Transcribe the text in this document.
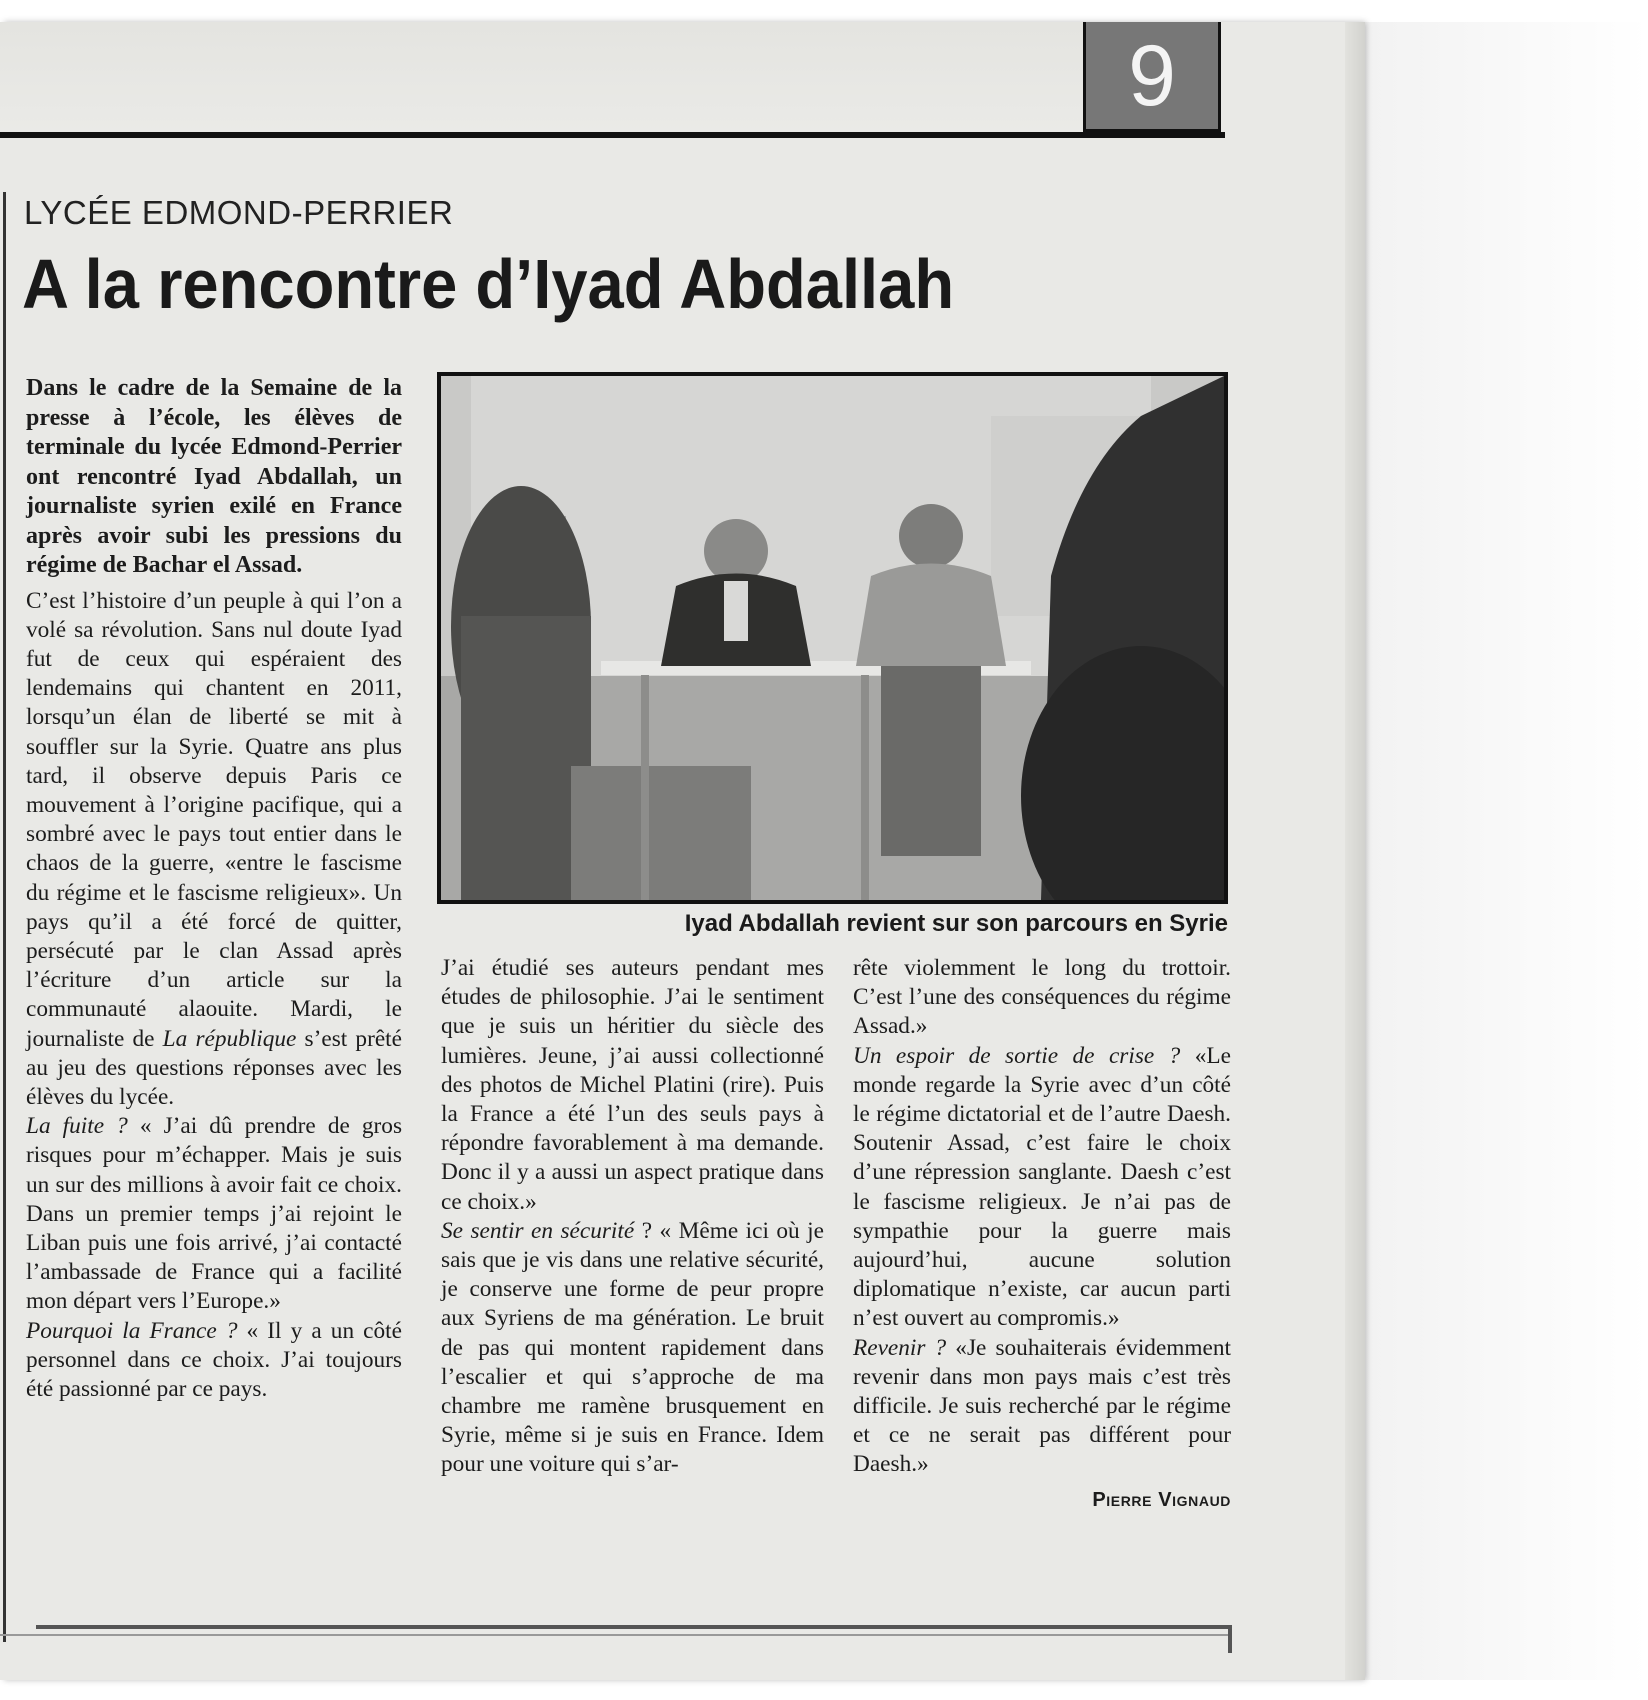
9
LYCÉE EDMOND-PERRIER
A la rencontre d’Iyad Abdallah

Dans le cadre de la Semaine de la presse à l’école, les élèves de terminale du lycée Edmond-Perrier ont rencontré Iyad Abdallah, un journaliste syrien exilé en France après avoir subi les pressions du régime de Bachar el Assad.

C’est l’histoire d’un peuple à qui l’on a volé sa révolution. Sans nul doute Iyad fut de ceux qui espéraient des lendemains qui chantent en 2011, lorsqu’un élan de liberté se mit à souffler sur la Syrie. Quatre ans plus tard, il observe depuis Paris ce mouvement à l’origine pacifique, qui a sombré avec le pays tout entier dans le chaos de la guerre, «entre le fascisme du régime et le fascisme religieux». Un pays qu’il a été forcé de quitter, persécuté par le clan Assad après l’écriture d’un article sur la communauté alaouite. Mardi, le journaliste de La république s’est prêté au jeu des questions réponses avec les élèves du lycée.

La fuite ? « J’ai dû prendre de gros risques pour m’échapper. Mais je suis un sur des millions à avoir fait ce choix. Dans un premier temps j’ai rejoint le Liban puis une fois arrivé, j’ai contacté l’ambassade de France qui a facilité mon départ vers l’Europe.»

Pourquoi la France ? « Il y a un côté personnel dans ce choix. J’ai toujours été passionné par ce pays.

Iyad Abdallah revient sur son parcours en Syrie

J’ai étudié ses auteurs pendant mes études de philosophie. J’ai le sentiment que je suis un héritier du siècle des lumières. Jeune, j’ai aussi collectionné des photos de Michel Platini (rire). Puis la France a été l’un des seuls pays à répondre favorablement à ma demande. Donc il y a aussi un aspect pratique dans ce choix.»

Se sentir en sécurité ? « Même ici où je sais que je vis dans une relative sécurité, je conserve une forme de peur propre aux Syriens de ma génération. Le bruit de pas qui montent rapidement dans l’escalier et qui s’approche de ma chambre me ramène brusquement en Syrie, même si je suis en France. Idem pour une voiture qui s’ar-

rête violemment le long du trottoir. C’est l’une des conséquences du régime Assad.»

Un espoir de sortie de crise ? «Le monde regarde la Syrie avec d’un côté le régime dictatorial et de l’autre Daesh. Soutenir Assad, c’est faire le choix d’une répression sanglante. Daesh c’est le fascisme religieux. Je n’ai pas de sympathie pour la guerre mais aujourd’hui, aucune solution diplomatique n’existe, car aucun parti n’est ouvert au compromis.»

Revenir ? «Je souhaiterais évidemment revenir dans mon pays mais c’est très difficile. Je suis recherché par le régime et ce ne serait pas différent pour Daesh.»

Pierre Vignaud
